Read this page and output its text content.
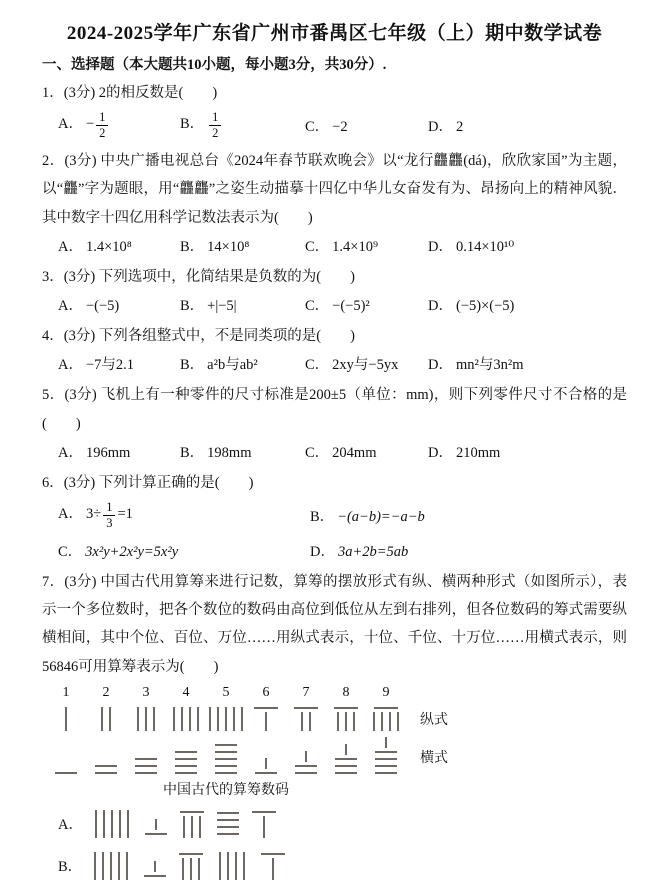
2024-2025学年广东省广州市番禺区七年级（上）期中数学试卷
一、选择题（本大题共10小题，每小题3分，共30分）.

1．(3分) 2的相反数是(　　)

A． − $\frac{1}{2}$	B． $\frac{1}{2}$	C． −2	D． 2

2．(3分) 中央广播电视总台《2024年春节联欢晚会》以“龙行龘龘(dá)，欣欣家国”为主题，以“龘”字为题眼，用“龘龘”之姿生动描摹十四亿中华儿女奋发有为、昂扬向上的精神风貌．其中数字十四亿用科学记数法表示为(　　)

A． 1.4×10⁸	B． 14×10⁸	C． 1.4×10⁹	D． 0.14×10¹⁰

3．(3分) 下列选项中，化简结果是负数的为(　　)

A． −(−5)	B． +|−5|	C． −(−5)²	D． (−5)×(−5)

4．(3分) 下列各组整式中，不是同类项的是(　　)

A． −7与2.1	B． a²b与ab²	C． 2xy与−5yx	D． mn²与3n²m

5．(3分) 飞机上有一种零件的尺寸标准是200±5（单位：mm)，则下列零件尺寸不合格的是(　　)

A． 196mm	B． 198mm	C． 204mm	D． 210mm

6．(3分) 下列计算正确的是(　　)

A． $3\div \frac{1}{3} =1$	B． −(a−b)=−a−b
C． 3x²y+2x²y=5x²y	D． 3a+2b=5ab

7．(3分) 中国古代用算筹来进行记数，算筹的摆放形式有纵、横两种形式（如图所示），表示一个多位数时，把各个数位的数码由高位到低位从左到右排列，但各位数码的筹式需要纵横相间，其中个位、百位、万位……用纵式表示，十位、千位、十万位……用横式表示，则56846可用算筹表示为(　　)

1 2 3 4 5 6 7 8 9
纵式
横式
中国古代的算筹数码
A．
B．
